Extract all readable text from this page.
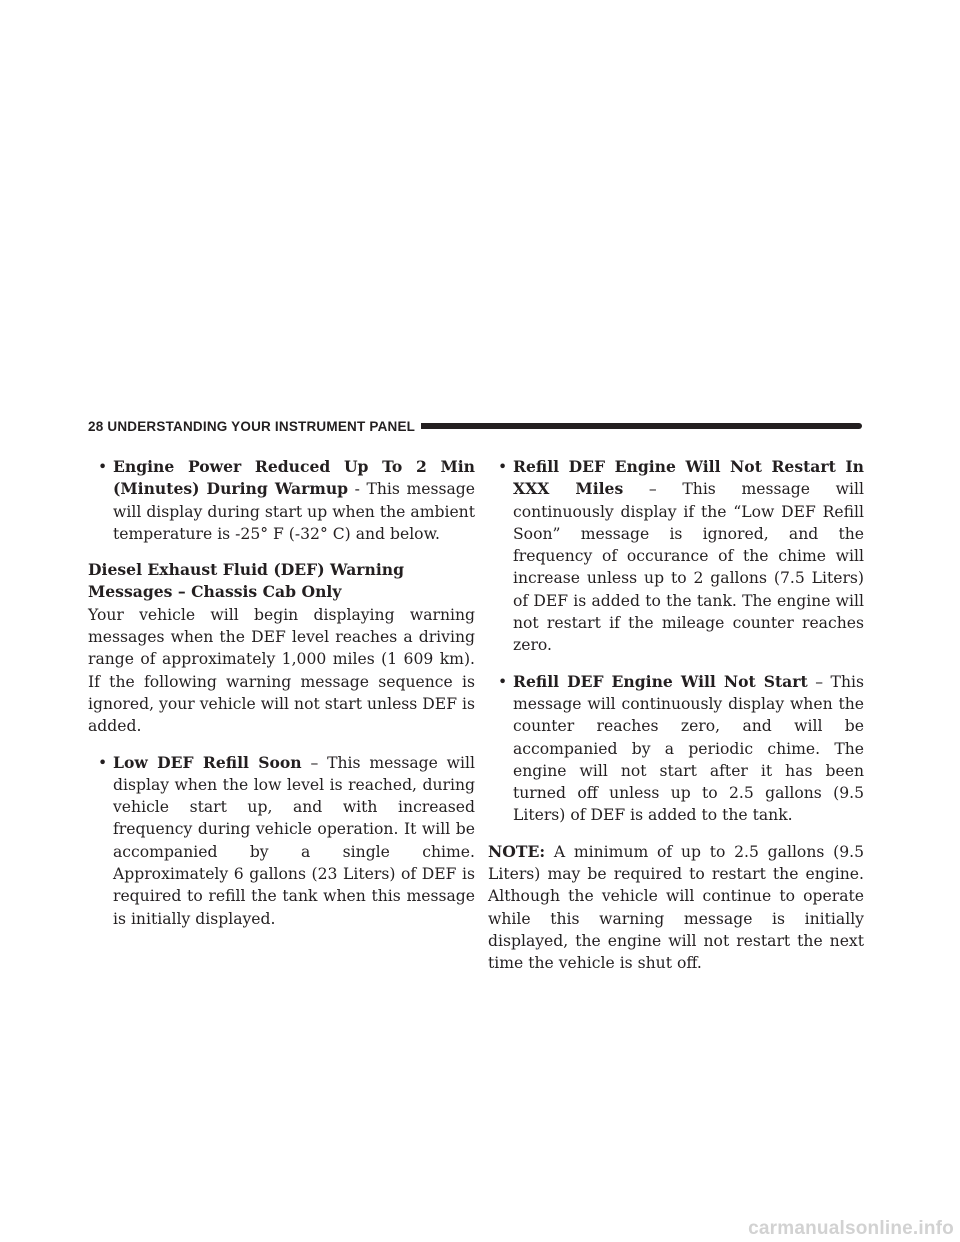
28 UNDERSTANDING YOUR INSTRUMENT PANEL
• Engine Power Reduced Up To 2 Min (Minutes) During Warmup - This message will display during start up when the ambient temperature is -25° F (-32° C) and below.
Diesel Exhaust Fluid (DEF) Warning Messages – Chassis Cab Only
Your vehicle will begin displaying warning messages when the DEF level reaches a driving range of approximately 1,000 miles (1 609 km). If the following warning message sequence is ignored, your vehicle will not start unless DEF is added.
• Low DEF Refill Soon – This message will display when the low level is reached, during vehicle start up, and with increased frequency during vehicle operation. It will be accompanied by a single chime. Approximately 6 gallons (23 Liters) of DEF is required to refill the tank when this message is initially displayed.
• Refill DEF Engine Will Not Restart In XXX Miles – This message will continuously display if the “Low DEF Refill Soon” message is ignored, and the frequency of occurance of the chime will increase unless up to 2 gallons (7.5 Liters) of DEF is added to the tank. The engine will not restart if the mileage counter reaches zero.
• Refill DEF Engine Will Not Start – This message will continuously display when the counter reaches zero, and will be accompanied by a periodic chime. The engine will not start after it has been turned off unless up to 2.5 gallons (9.5 Liters) of DEF is added to the tank.
NOTE: A minimum of up to 2.5 gallons (9.5 Liters) may be required to restart the engine. Although the vehicle will continue to operate while this warning message is initially displayed, the engine will not restart the next time the vehicle is shut off.
carmanualsonline.info
